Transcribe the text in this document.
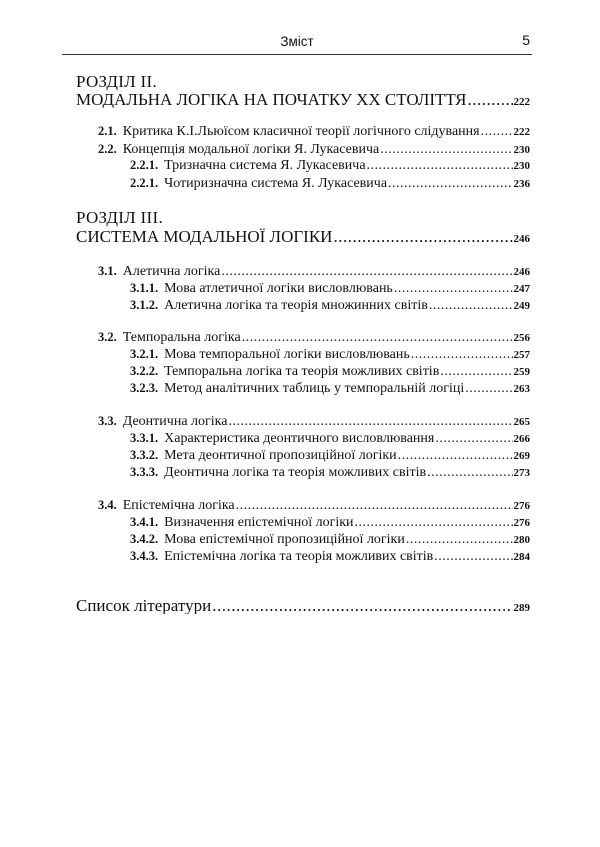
Зміст	5
РОЗДІЛ II.
МОДАЛЬНА ЛОГІКА НА ПОЧАТКУ ХХ СТОЛІТТЯ .....	222
2.1. Критика К.І.Льюїсом класичної теорії логічного слідування .....	222
2.2. Концепція модальної логіки Я. Лукасевича .....	230
2.2.1. Тризначна система Я. Лукасевича .....	230
2.2.1. Чотиризначна система Я. Лукасевича .....	236
РОЗДІЛ III.
СИСТЕМА МОДАЛЬНОЇ ЛОГІКИ .....	246
3.1. Алетична логіка .....	246
3.1.1. Мова атлетичної логіки висловлювань .....	247
3.1.2. Алетична логіка та теорія множинних світів .....	249
3.2. Темпоральна логіка .....	256
3.2.1. Мова темпоральної логіки висловлювань .....	257
3.2.2. Темпоральна логіка та теорія можливих світів .....	259
3.2.3. Метод аналітичних таблиць у темпоральній логіці .....	263
3.3. Деонтична логіка .....	265
3.3.1. Характеристика деонтичного висловлювання .....	266
3.3.2. Мета деонтичної пропозиційної логіки .....	269
3.3.3. Деонтична логіка та теорія можливих світів .....	273
3.4. Епістемічна логіка .....	276
3.4.1. Визначення епістемічної логіки .....	276
3.4.2. Мова епістемічної пропозиційної логіки .....	280
3.4.3. Епістемічна логіка та теорія можливих світів .....	284
Список літератури .....	289
